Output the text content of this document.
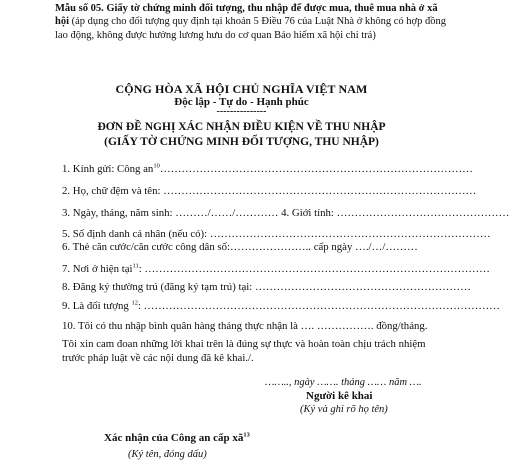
Mẫu số 05. Giấy tờ chứng minh đối tượng, thu nhập để được mua, thuê mua nhà ở xã hội (áp dụng cho đối tượng quy định tại khoản 5 Điều 76 của Luật Nhà ở không có hợp đồng lao động, không được hưởng lương hưu do cơ quan Bảo hiểm xã hội chi trả)
CỘNG HÒA XÃ HỘI CHỦ NGHĨA VIỆT NAM
Độc lập - Tự do - Hạnh phúc
---------------
ĐƠN ĐỀ NGHỊ XÁC NHẬN ĐIỀU KIỆN VỀ THU NHẬP
(GIẤY TỜ CHỨNG MINH ĐỐI TƯỢNG, THU NHẬP)
1. Kính gửi: Công $an^{10}\dots\dots\dots\dots\dots\dots\dots\dots\dots\dots\dots\dots\dots\dots\dots\dots\dots\dots\dots\dots\dots\dots\dots\dots\dots\dots\dots\dots\dots$
2. Họ, chữ đệm và tên: ……………………………………………………………………………
3. Ngày, tháng, năm sinh: ………/……/………… 4. Giới tính: …………………………………………
5. Số định danh cá nhân (nếu có): ……………………………………………………………………
6. Thẻ căn cước/căn cước công dân số:………………….. cấp ngày …./…/………
7. Nơi ở hiện tại$^{11}$: ……………………………………………………………………………………
8. Đăng ký thường trú (đăng ký tạm trú) tại: ……………………………………………………
9. Là đối tượng $^{12}$: ………………………………………………………………………………………
10. Tôi có thu nhập bình quân hàng tháng thực nhận là …. ……………. đồng/tháng.
Tôi xin cam đoan những lời khai trên là đúng sự thực và hoàn toàn chịu trách nhiệm trước pháp luật về các nội dung đã kê khai./.
…….., ngày ……. tháng …… năm ….
Người kê khai
(Ký và ghi rõ họ tên)
Xác nhận của Công an cấp $xã^{13}$
(Ký tên, đóng dấu)
